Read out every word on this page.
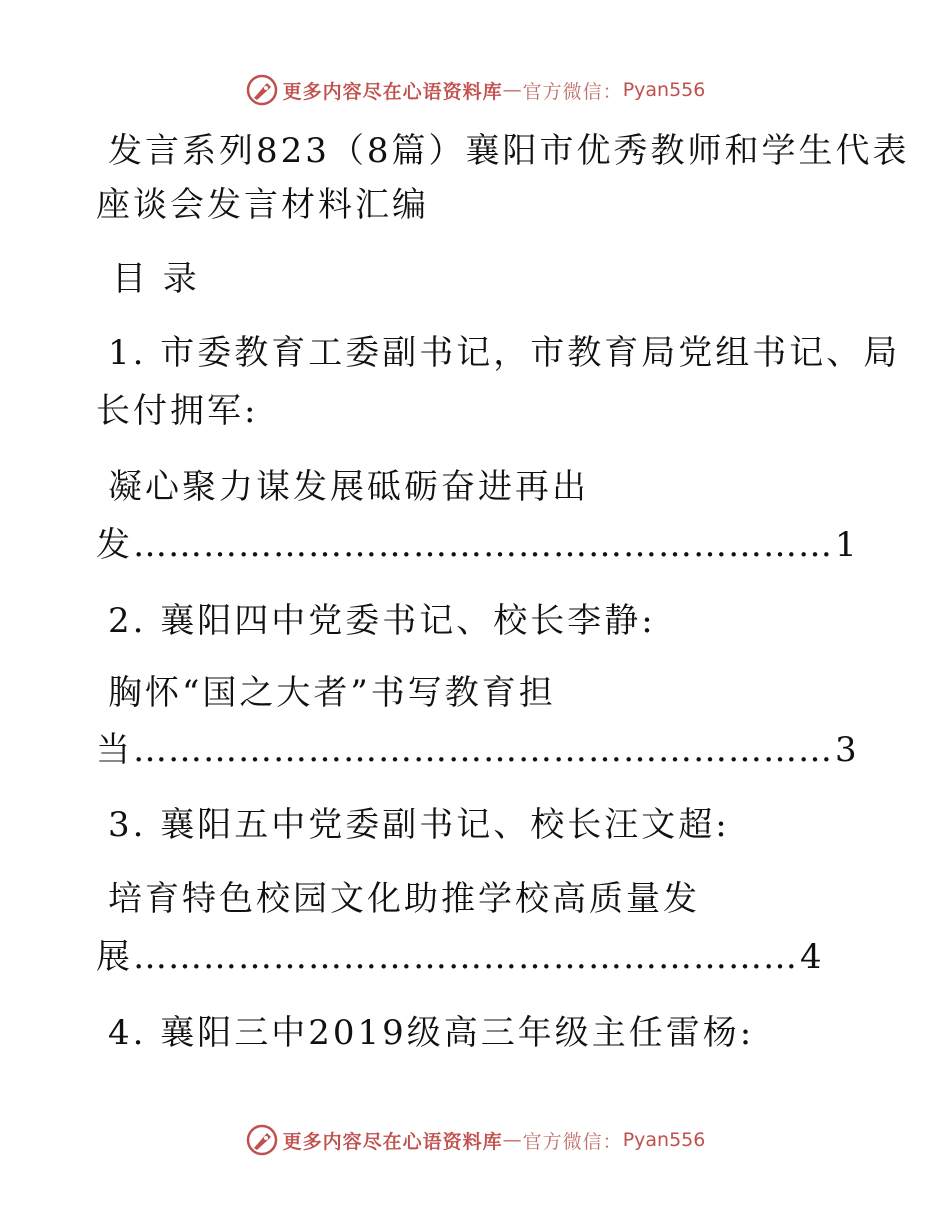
更多内容尽在心语资料库 — 官方微信： Pyan556
发言系列823（8篇）襄阳市优秀教师和学生代表
座谈会发言材料汇编
目 录
1. 市委教育工委副书记，市教育局党组书记、局
长付拥军:
凝心聚力谋发展砥砺奋进再出
发 …………………………………………………… 1
2. 襄阳四中党委书记、校长李静:
胸怀“国之大者”书写教育担
当 …………………………………………………… 3
3. 襄阳五中党委副书记、校长汪文超:
培育特色校园文化助推学校高质量发
展 ………………………………………………… 4
4. 襄阳三中2019级高三年级主任雷杨:
更多内容尽在心语资料库 — 官方微信： Pyan556
